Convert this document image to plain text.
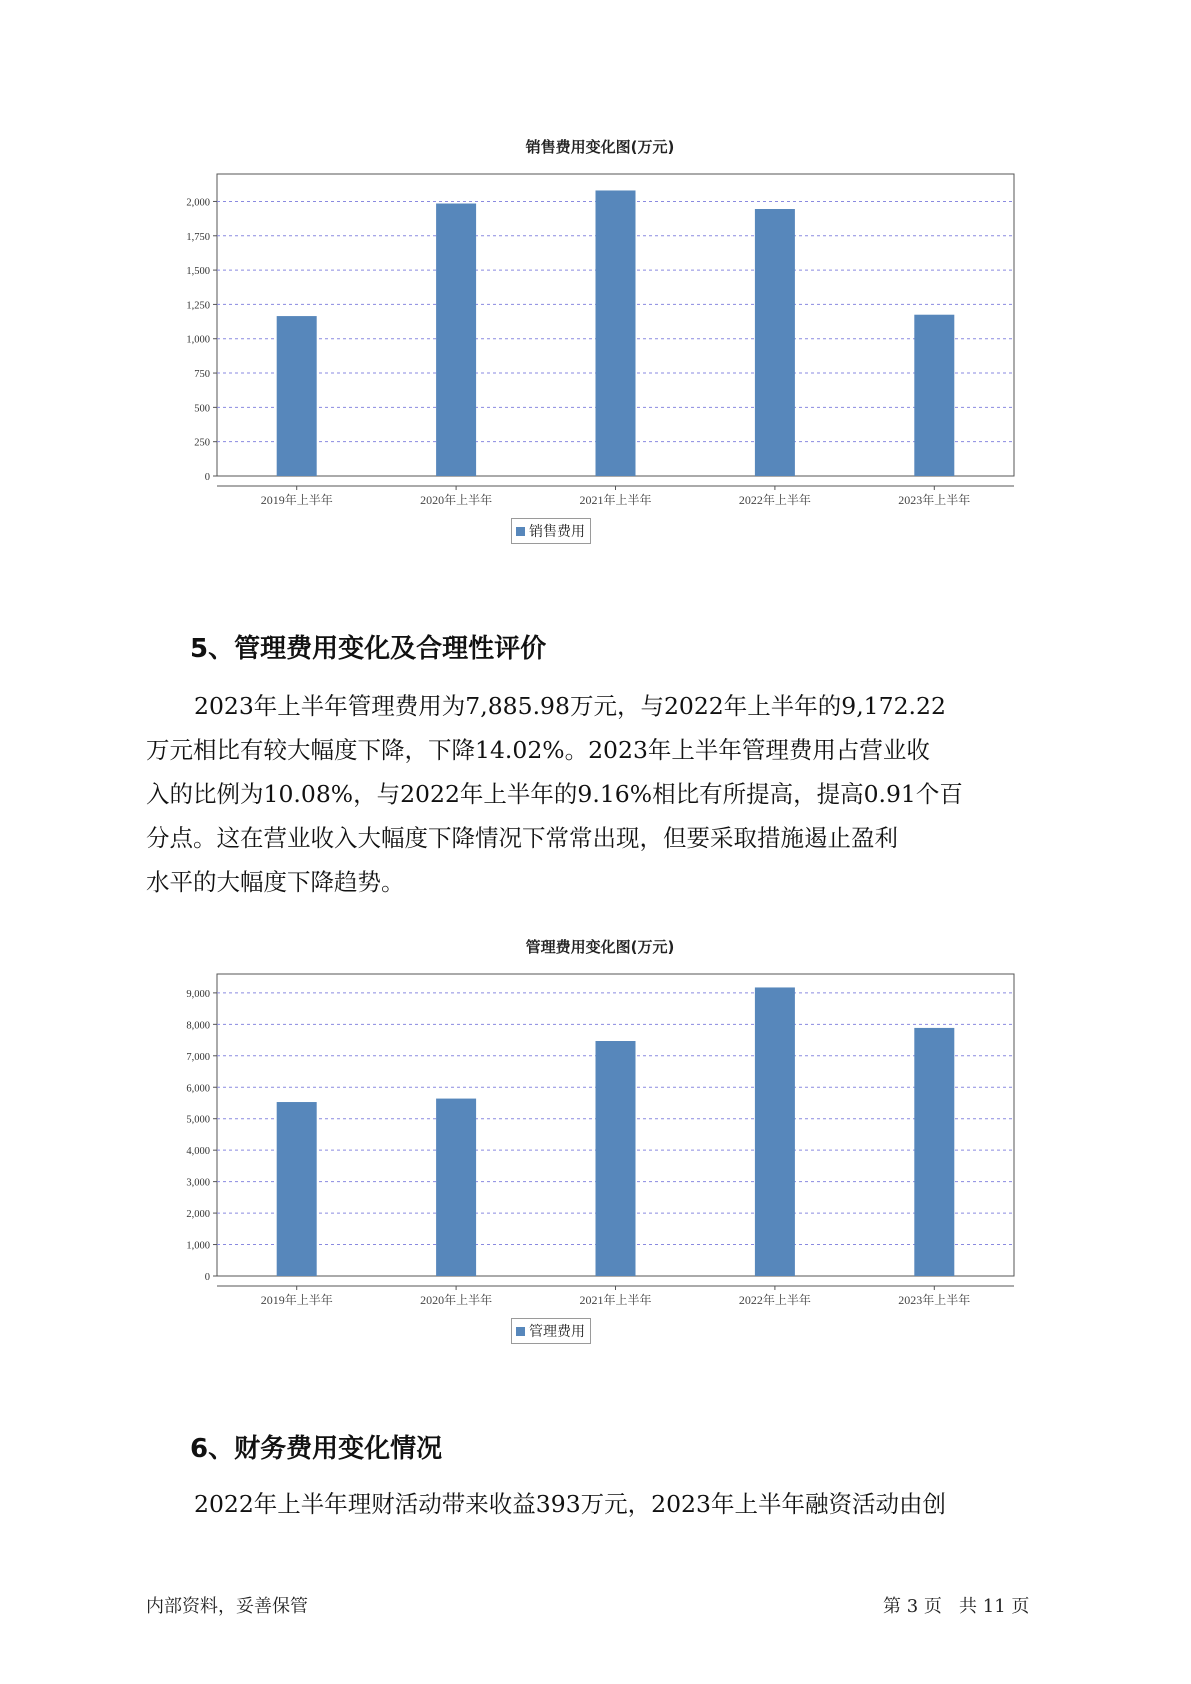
销售费用变化图(万元)
0
250
500
750
1,000
1,250
1,500
1,750
2,000
2019年上半年	2020年上半年	2021年上半年	2022年上半年	2023年上半年
销售费用
5、管理费用变化及合理性评价
2023年上半年管理费用为7,885.98万元，与2022年上半年的9,172.22
万元相比有较大幅度下降，下降14.02%。2023年上半年管理费用占营业收
入的比例为10.08%，与2022年上半年的9.16%相比有所提高，提高0.91个百
分点。这在营业收入大幅度下降情况下常常出现，但要采取措施遏止盈利
水平的大幅度下降趋势。
管理费用变化图(万元)
0
1,000
2,000
3,000
4,000
5,000
6,000
7,000
8,000
9,000
2019年上半年	2020年上半年	2021年上半年	2022年上半年	2023年上半年
管理费用
6、财务费用变化情况
2022年上半年理财活动带来收益393万元，2023年上半年融资活动由创
内部资料，妥善保管	第 3 页   共 11 页
